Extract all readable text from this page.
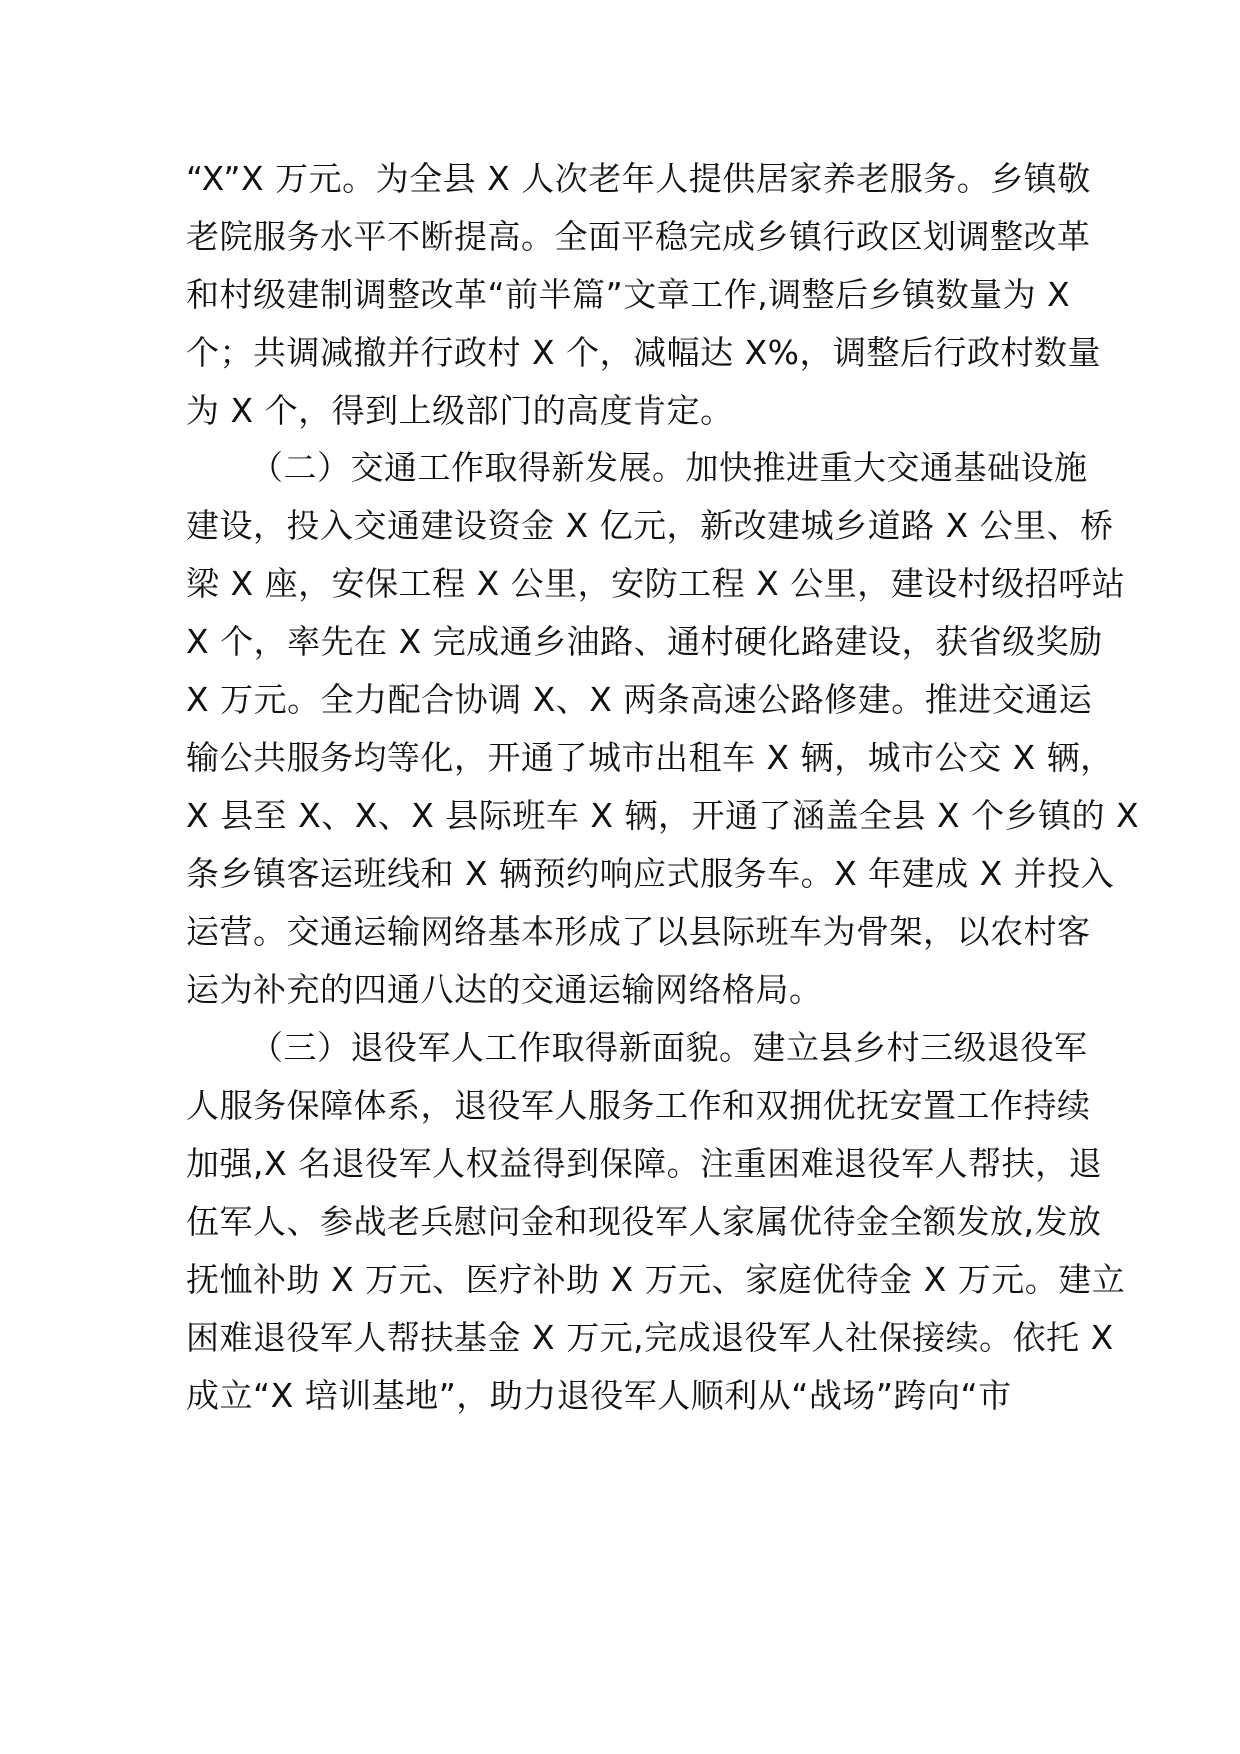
“X”X 万元。为全县 X 人次老年人提供居家养老服务。乡镇敬
老院服务水平不断提高。全面平稳完成乡镇行政区划调整改革
和村级建制调整改革“前半篇”文章工作,调整后乡镇数量为 X
个；共调减撤并行政村 X 个，减幅达 X%，调整后行政村数量
为 X 个，得到上级部门的高度肯定。
（二）交通工作取得新发展。加快推进重大交通基础设施
建设，投入交通建设资金 X 亿元，新改建城乡道路 X 公里、桥
梁 X 座，安保工程 X 公里，安防工程 X 公里，建设村级招呼站
X 个，率先在 X 完成通乡油路、通村硬化路建设，获省级奖励
X 万元。全力配合协调 X、X 两条高速公路修建。推进交通运
输公共服务均等化，开通了城市出租车 X 辆，城市公交 X 辆，
X 县至 X、X、X 县际班车 X 辆，开通了涵盖全县 X 个乡镇的 X
条乡镇客运班线和 X 辆预约响应式服务车。X 年建成 X 并投入
运营。交通运输网络基本形成了以县际班车为骨架，以农村客
运为补充的四通八达的交通运输网络格局。
（三）退役军人工作取得新面貌。建立县乡村三级退役军
人服务保障体系，退役军人服务工作和双拥优抚安置工作持续
加强,X 名退役军人权益得到保障。注重困难退役军人帮扶，退
伍军人、参战老兵慰问金和现役军人家属优待金全额发放,发放
抚恤补助 X 万元、医疗补助 X 万元、家庭优待金 X 万元。建立
困难退役军人帮扶基金 X 万元,完成退役军人社保接续。依托 X
成立“X 培训基地”，助力退役军人顺利从“战场”跨向“市
